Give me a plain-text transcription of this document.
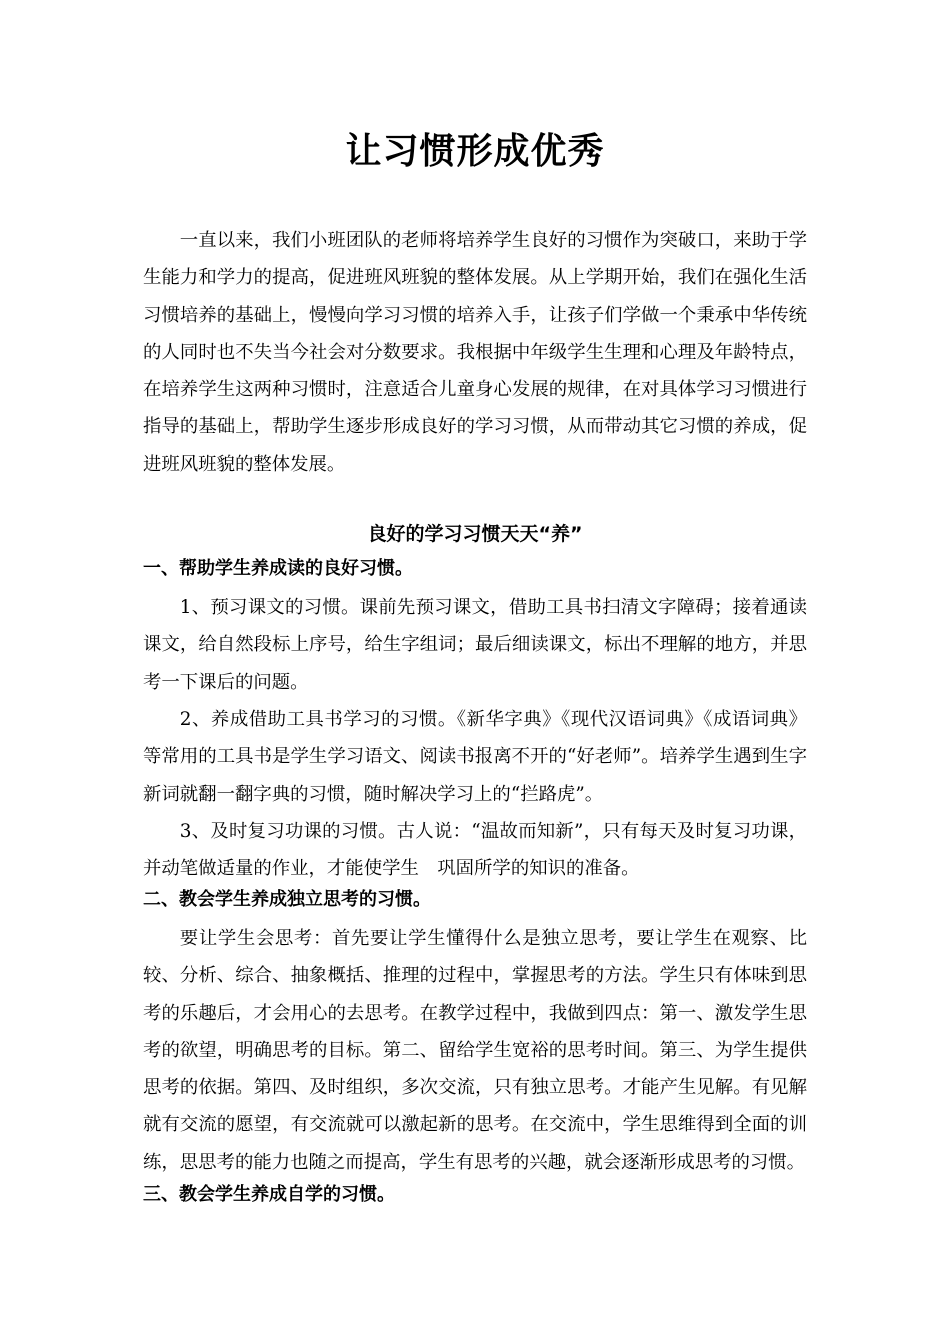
让习惯形成优秀

一直以来，我们小班团队的老师将培养学生良好的习惯作为突破口，来助于学生能力和学力的提高，促进班风班貌的整体发展。从上学期开始，我们在强化生活习惯培养的基础上，慢慢向学习习惯的培养入手，让孩子们学做一个秉承中华传统的人同时也不失当今社会对分数要求。我根据中年级学生生理和心理及年龄特点，在培养学生这两种习惯时，注意适合儿童身心发展的规律，在对具体学习习惯进行指导的基础上，帮助学生逐步形成良好的学习习惯，从而带动其它习惯的养成，促进班风班貌的整体发展。

良好的学习习惯天天“养”
一、帮助学生养成读的良好习惯。

1、预习课文的习惯。课前先预习课文，借助工具书扫清文字障碍；接着通读课文，给自然段标上序号，给生字组词；最后细读课文，标出不理解的地方，并思考一下课后的问题。

2、养成借助工具书学习的习惯。《新华字典》《现代汉语词典》《成语词典》等常用的工具书是学生学习语文、阅读书报离不开的“好老师”。培养学生遇到生字新词就翻一翻字典的习惯，随时解决学习上的“拦路虎”。

3、及时复习功课的习惯。古人说：“温故而知新”，只有每天及时复习功课，并动笔做适量的作业，才能使学生　巩固所学的知识的准备。

二、教会学生养成独立思考的习惯。

要让学生会思考：首先要让学生懂得什么是独立思考，要让学生在观察、比较、分析、综合、抽象概括、推理的过程中，掌握思考的方法。学生只有体味到思考的乐趣后，才会用心的去思考。在教学过程中，我做到四点：第一、激发学生思考的欲望，明确思考的目标。第二、留给学生宽裕的思考时间。第三、为学生提供思考的依据。第四、及时组织，多次交流，只有独立思考。才能产生见解。有见解就有交流的愿望，有交流就可以激起新的思考。在交流中，学生思维得到全面的训练，思思考的能力也随之而提高，学生有思考的兴趣，就会逐渐形成思考的习惯。

三、教会学生养成自学的习惯。
